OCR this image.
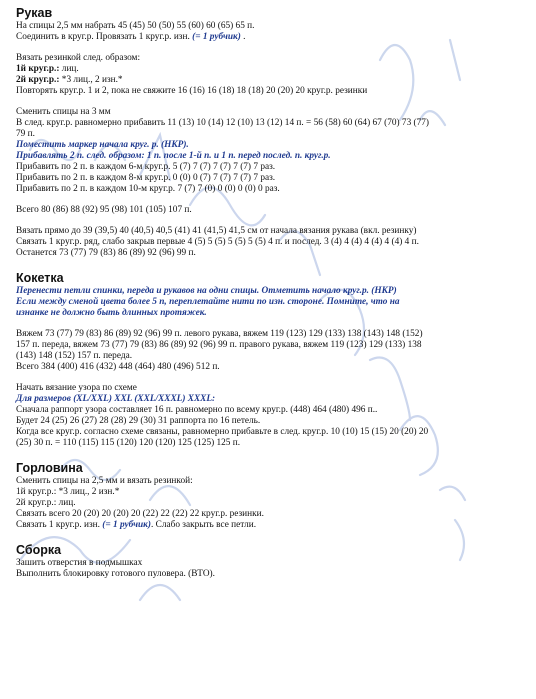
Рукав

На спицы 2,5 мм набрать 45 (45) 50 (50) 55 (60) 60 (65) 65 п.

Соединить в круг.р. Провязать 1 круг.р. изн. (= 1 рубчик) .

Вязать резинкой след. образом:

1й круг.р.: лиц.

2й круг.р.: *3 лиц., 2 изн.*

Повторять круг.р. 1 и 2, пока не свяжите 16 (16) 16 (18) 18 (18) 20 (20) 20 круг.р. резинки

Сменить спицы на 3 мм

В след. круг.р. равномерно прибавить 11 (13) 10 (14) 12 (10) 13 (12) 14 п. = 56 (58) 60 (64) 67 (70) 73 (77)

79 п.

Поместить маркер начала круг. р. (НКР).

Прибавлять 2 п. след. образом: 1 п. после 1-й п. и 1 п. перед послед. п. круг.р.

Прибавить по 2 п. в каждом 6-м круг.р. 5 (7) 7 (7) 7 (7) 7 (7) 7 раз.

Прибавить по 2 п. в каждом 8-м круг.р. 0 (0) 0 (7) 7 (7) 7 (7) 7 раз.

Прибавить по 2 п. в каждом 10-м круг.р. 7 (7) 7 (0) 0 (0) 0 (0) 0 раз.

Всего 80 (86) 88 (92) 95 (98) 101 (105) 107 п.

Вязать прямо до 39 (39,5) 40 (40,5) 40,5 (41) 41 (41,5) 41,5 см от начала вязания рукава (вкл. резинку)

Связать 1 круг.р. ряд, слабо закрыв первые 4 (5) 5 (5) 5 (5) 5 (5) 4 п. и послед. 3 (4) 4 (4) 4 (4) 4 (4) 4 п.

Останется 73 (77) 79 (83) 86 (89) 92 (96) 99 п.

Кокетка

Перенести петли спинки, переда и рукавов на одни спицы. Отметить начало круг.р. (НКР)

Если между сменой цвета более 5 п, переплетайте нити по изн. стороне. Помните, что на

изнанке не должно быть длинных протяжек.

Вяжем 73 (77) 79 (83) 86 (89) 92 (96) 99 п. левого рукава, вяжем 119 (123) 129 (133) 138 (143) 148 (152)

157 п. переда, вяжем 73 (77) 79 (83) 86 (89) 92 (96) 99 п. правого рукава, вяжем 119 (123) 129 (133) 138

(143) 148 (152) 157 п. переда.

Всего 384 (400) 416 (432) 448 (464) 480 (496) 512 п.

Начать вязание узора по схеме

Для размеров (XL/XXL) XXL (XXL/XXXL) XXXL:

Сначала раппорт узора составляет 16 п. равномерно по всему круг.р. (448) 464 (480) 496 п..

Будет 24 (25) 26 (27) 28 (28) 29 (30) 31 раппорта по 16 петель.

Когда все круг.р. согласно схеме связаны, равномерно прибавьте в след. круг.р. 10 (10) 15 (15) 20 (20) 20

(25) 30 п. = 110 (115) 115 (120) 120 (120) 125 (125) 125 п.

Горловина

Сменить спицы на 2,5 мм и вязать резинкой:

1й круг.р.: *3 лиц., 2 изн.*

2й круг.р.: лиц.

Связать всего 20 (20) 20 (20) 20 (22) 22 (22) 22 круг.р. резинки.

Связать 1 круг.р. изн. (= 1 рубчик). Слабо закрыть все петли.

Сборка

Зашить отверстия в подмышках

Выполнить блокировку готового пуловера. (ВТО).
